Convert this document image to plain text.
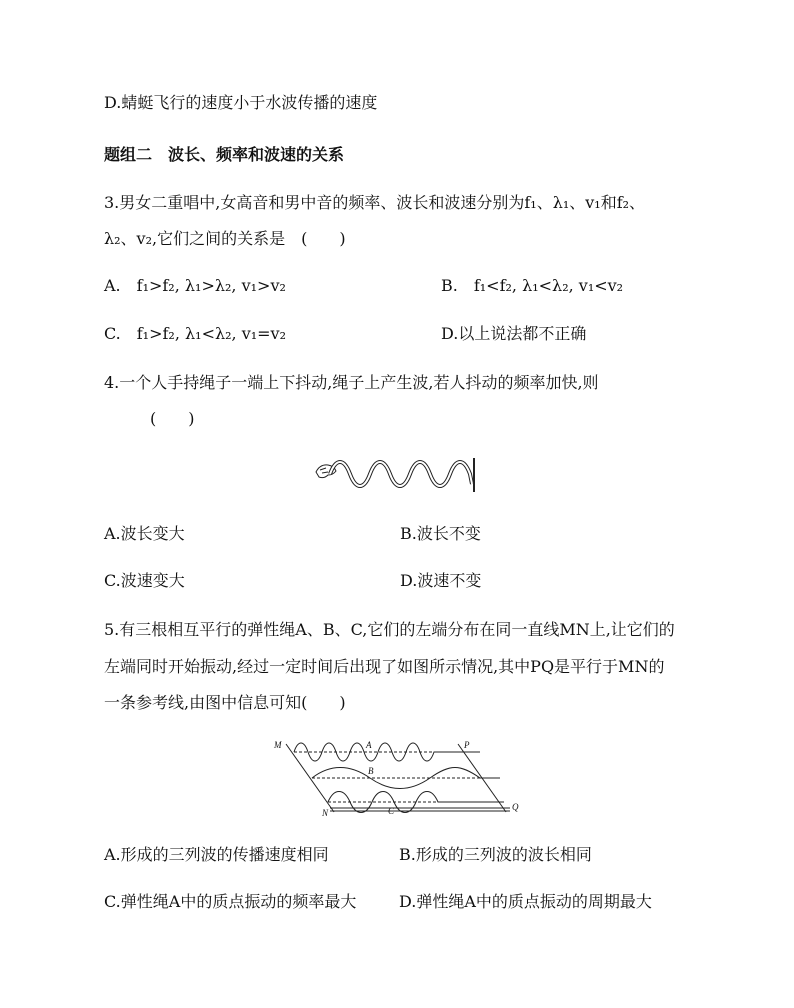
D.蜻蜓飞行的速度小于水波传播的速度
题组二　波长、频率和波速的关系
3.男女二重唱中,女高音和男中音的频率、波长和波速分别为f₁、λ₁、v₁和f₂、
λ₂、v₂,它们之间的关系是　(　　)
A.　f₁>f₂, λ₁>λ₂, v₁>v₂	B.　f₁<f₂, λ₁<λ₂, v₁<v₂
C.　f₁>f₂, λ₁<λ₂, v₁=v₂	D.以上说法都不正确
4.一个人手持绳子一端上下抖动,绳子上产生波,若人抖动的频率加快,则
(　　)
A.波长变大	B.波长不变
C.波速变大	D.波速不变
5.有三根相互平行的弹性绳A、B、C,它们的左端分布在同一直线MN上,让它们的
左端同时开始振动,经过一定时间后出现了如图所示情况,其中PQ是平行于MN的
一条参考线,由图中信息可知(　　)
M
N
P
Q
A
B
C
A.形成的三列波的传播速度相同	B.形成的三列波的波长相同
C.弹性绳A中的质点振动的频率最大	D.弹性绳A中的质点振动的周期最大
